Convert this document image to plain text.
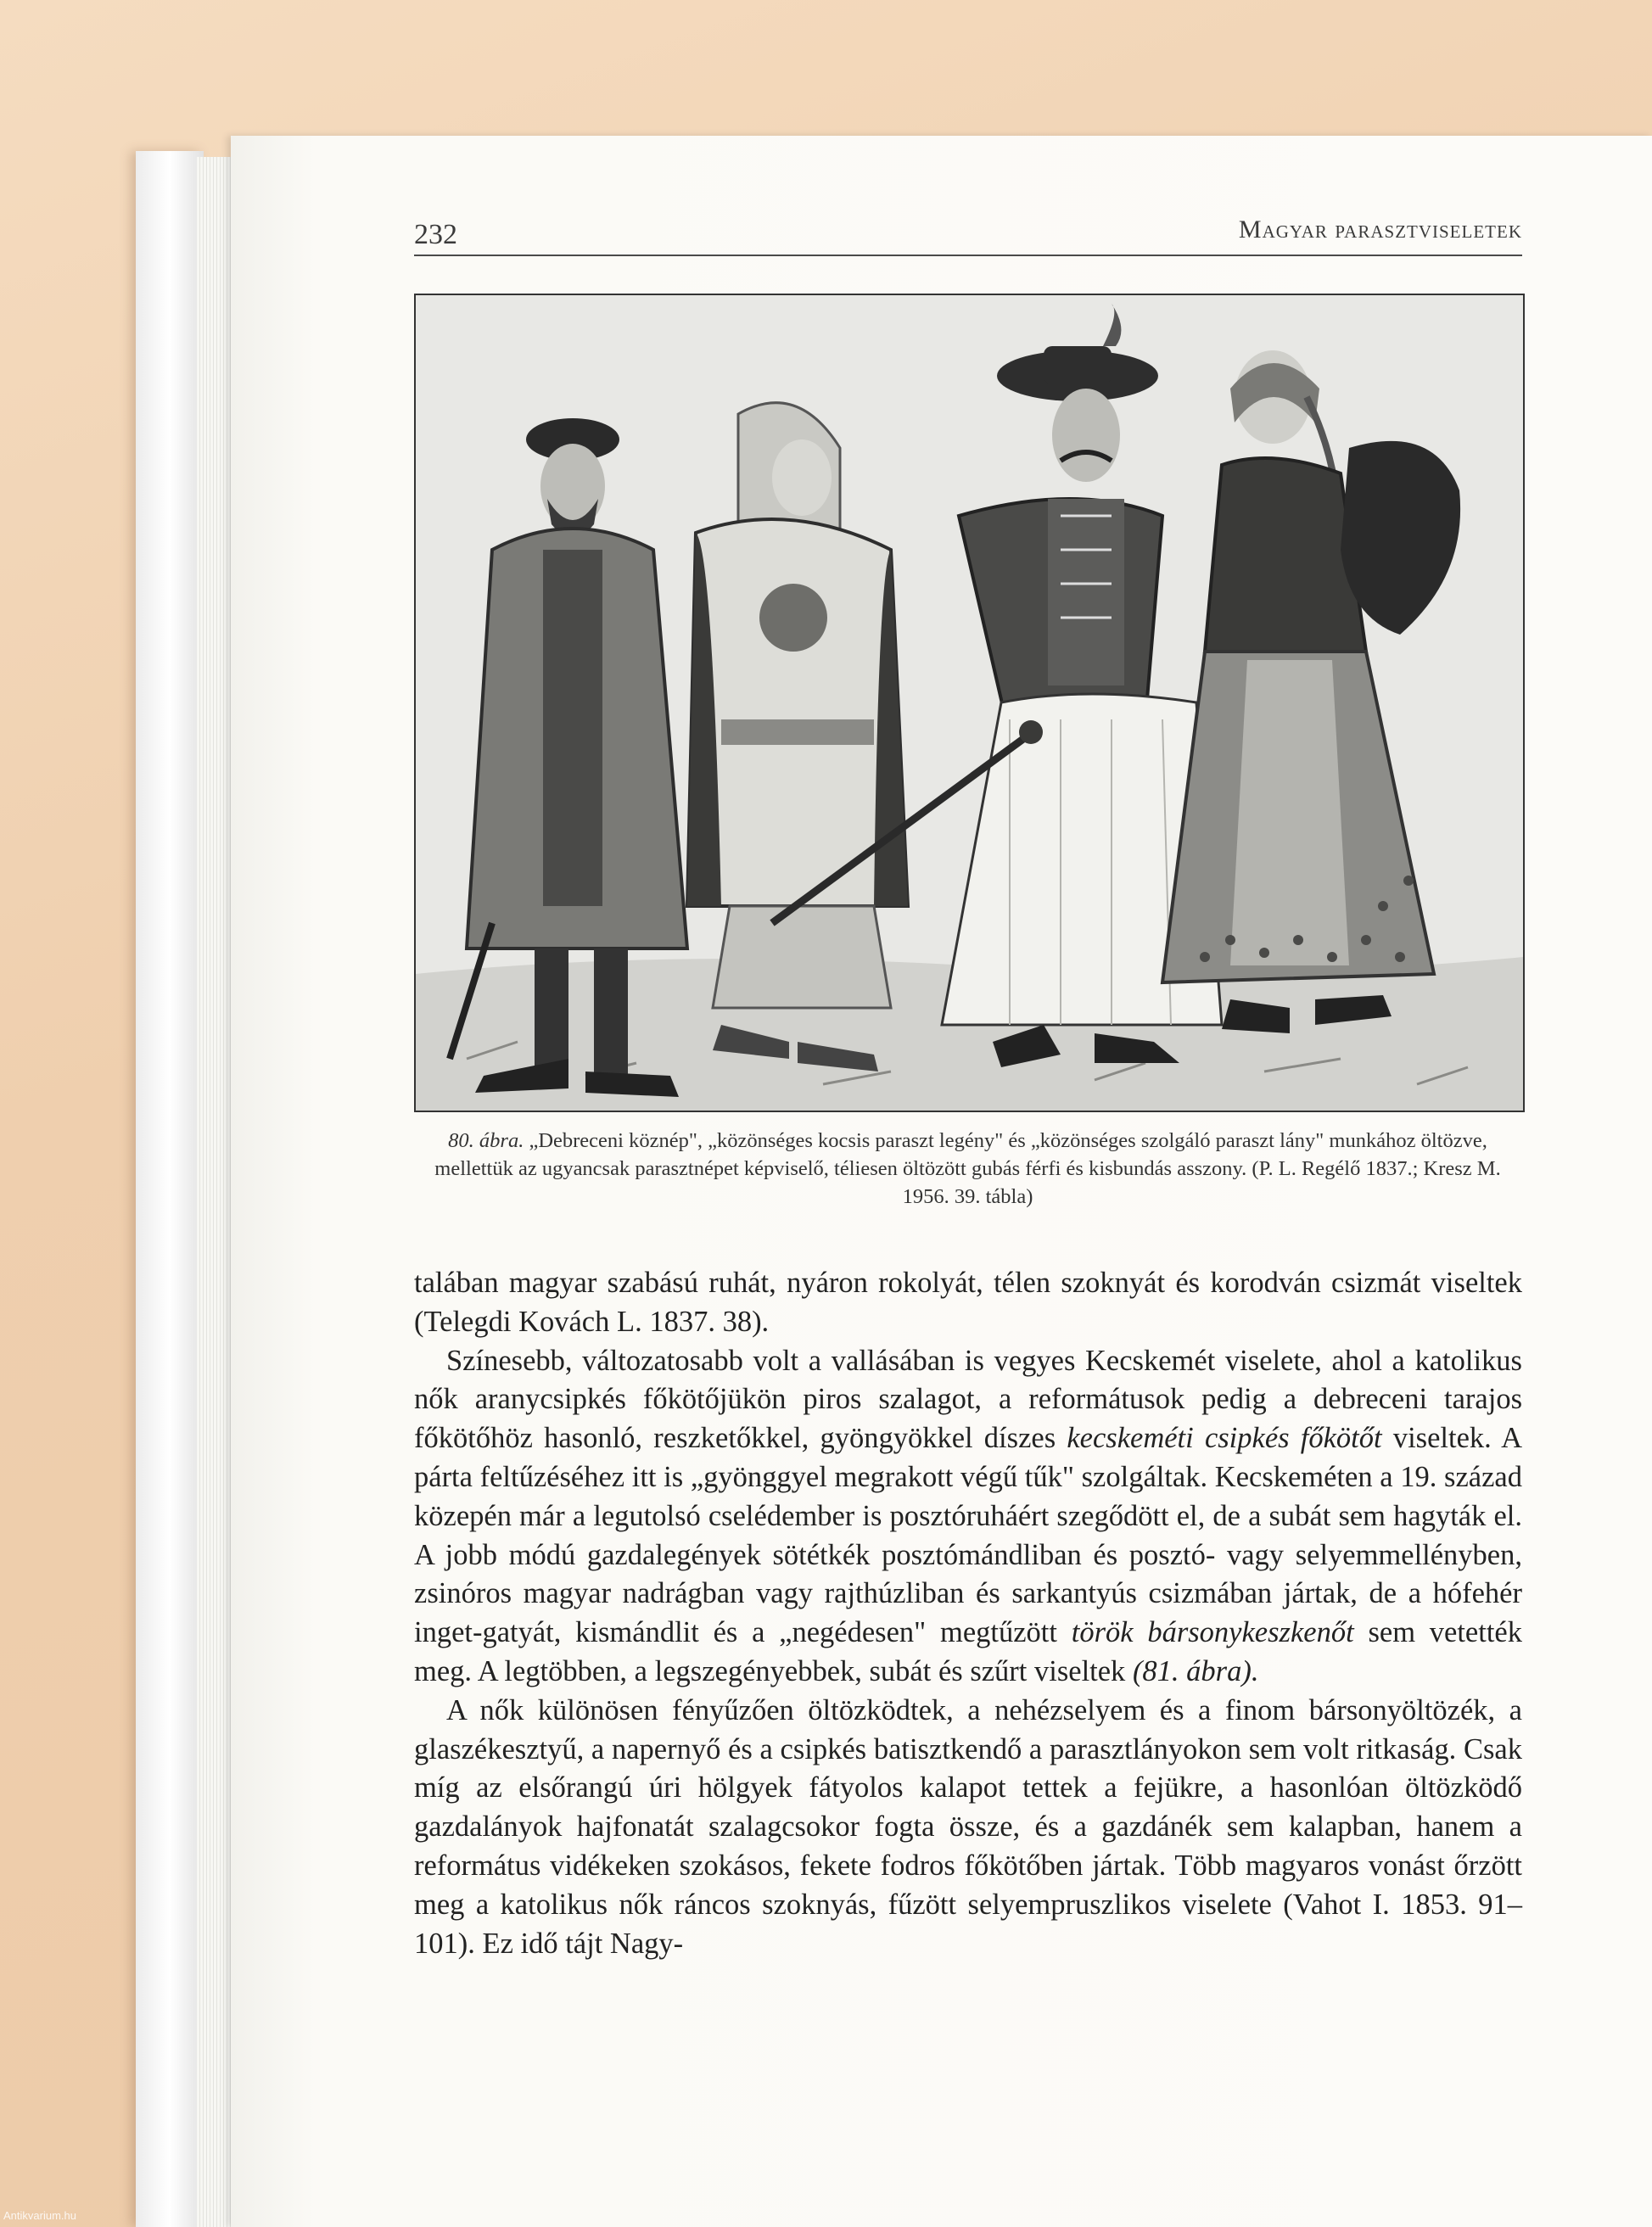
232	Magyar parasztviseletek

80. ábra. „Debreceni köznép", „közönséges kocsis paraszt legény" és „közönséges szolgáló paraszt lány" munkához öltözve, mellettük az ugyancsak parasztnépet képviselő, téliesen öltözött gubás férfi és kisbundás asszony. (P. L. Regélő 1837.; Kresz M. 1956. 39. tábla)

talában magyar szabású ruhát, nyáron rokolyát, télen szoknyát és korodván csizmát viseltek (Telegdi Kovách L. 1837. 38).

Színesebb, változatosabb volt a vallásában is vegyes Kecskemét viselete, ahol a katolikus nők aranycsipkés főkötőjükön piros szalagot, a reformátusok pedig a debreceni tarajos főkötőhöz hasonló, reszketőkkel, gyöngyökkel díszes kecskeméti csipkés főkötőt viseltek. A párta feltűzéséhez itt is „gyönggyel megrakott végű tűk" szolgáltak. Kecskeméten a 19. század közepén már a legutolsó cselédember is posztóruháért szegődött el, de a subát sem hagyták el. A jobb módú gazdalegények sötétkék posztómándliban és posztó- vagy selyemmellényben, zsinóros magyar nadrágban vagy rajthúzliban és sarkantyús csizmában jártak, de a hófehér inget-gatyát, kismándlit és a „negédesen" megtűzött török bársonykeszkenőt sem vetették meg. A legtöbben, a legszegényebbek, subát és szűrt viseltek (81. ábra).

A nők különösen fényűzően öltözködtek, a nehézselyem és a finom bársonyöltözék, a glaszékesztyű, a napernyő és a csipkés batisztkendő a parasztlányokon sem volt ritkaság. Csak míg az elsőrangú úri hölgyek fátyolos kalapot tettek a fejükre, a hasonlóan öltözködő gazdalányok hajfonatát szalagcsokor fogta össze, és a gazdánék sem kalapban, hanem a református vidékeken szokásos, fekete fodros főkötőben jártak. Több magyaros vonást őrzött meg a katolikus nők ráncos szoknyás, fűzött selyempruszlikos viselete (Vahot I. 1853. 91–101). Ez idő tájt Nagy-

Antikvarium.hu
